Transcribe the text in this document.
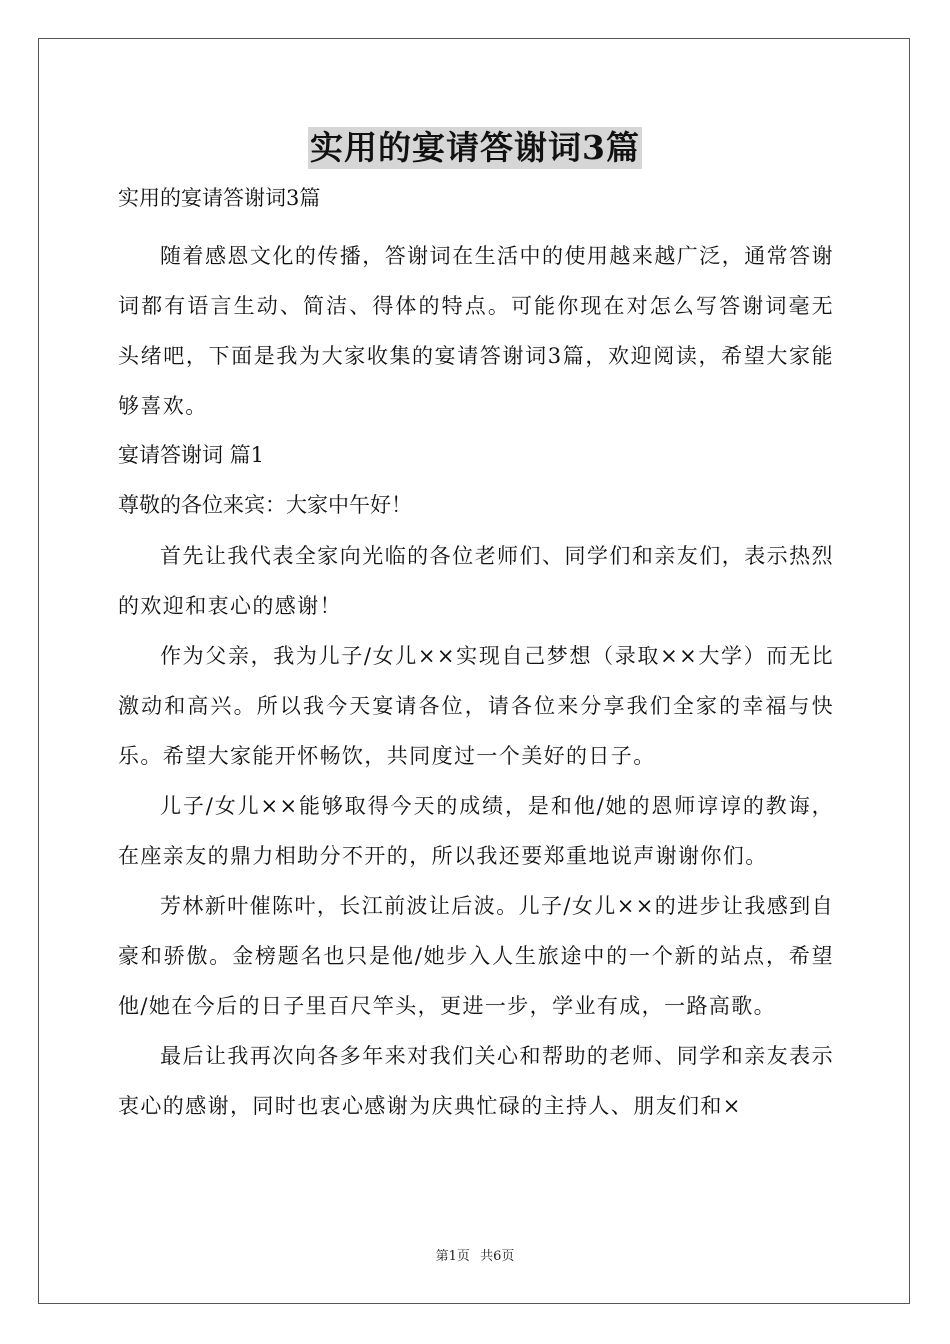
实用的宴请答谢词3篇

实用的宴请答谢词3篇

随着感恩文化的传播，答谢词在生活中的使用越来越广泛，通常答谢词都有语言生动、简洁、得体的特点。可能你现在对怎么写答谢词毫无头绪吧，下面是我为大家收集的宴请答谢词3篇，欢迎阅读，希望大家能够喜欢。

宴请答谢词 篇1

尊敬的各位来宾：大家中午好！

首先让我代表全家向光临的各位老师们、同学们和亲友们，表示热烈的欢迎和衷心的感谢！

作为父亲，我为儿子/女儿××实现自己梦想（录取××大学）而无比激动和高兴。所以我今天宴请各位，请各位来分享我们全家的幸福与快乐。希望大家能开怀畅饮，共同度过一个美好的日子。

儿子/女儿××能够取得今天的成绩，是和他/她的恩师谆谆的教诲，在座亲友的鼎力相助分不开的，所以我还要郑重地说声谢谢你们。

芳林新叶催陈叶，长江前波让后波。儿子/女儿××的进步让我感到自豪和骄傲。金榜题名也只是他/她步入人生旅途中的一个新的站点，希望他/她在今后的日子里百尺竿头，更进一步，学业有成，一路高歌。

最后让我再次向各多年来对我们关心和帮助的老师、同学和亲友表示衷心的感谢，同时也衷心感谢为庆典忙碌的主持人、朋友们和×

第1页 共6页
